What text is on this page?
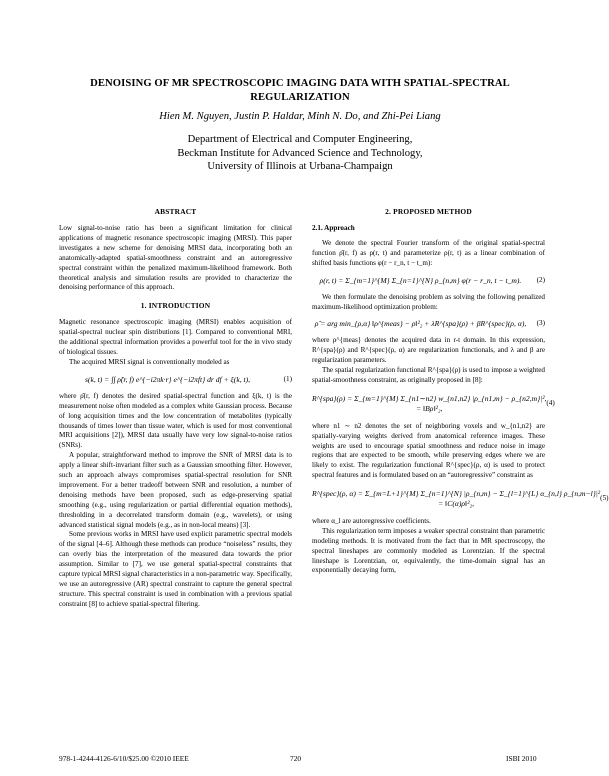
DENOISING OF MR SPECTROSCOPIC IMAGING DATA WITH SPATIAL-SPECTRAL REGULARIZATION
Hien M. Nguyen, Justin P. Haldar, Minh N. Do, and Zhi-Pei Liang
Department of Electrical and Computer Engineering,
Beckman Institute for Advanced Science and Technology,
University of Illinois at Urbana-Champaign
ABSTRACT

Low signal-to-noise ratio has been a significant limitation for clinical applications of magnetic resonance spectroscopic imaging (MRSI). This paper investigates a new scheme for denoising MRSI data, incorporating both an anatomically-adapted spatial-smoothness constraint and an autoregressive spectral constraint within the penalized maximum-likelihood framework. Both theoretical analysis and simulation results are provided to characterize the denoising performance of this approach.

1. INTRODUCTION

Magnetic resonance spectroscopic imaging (MRSI) enables acquisition of spatial-spectral nuclear spin distributions [1]. Compared to conventional MRI, the additional spectral information provides a powerful tool for the in vivo study of biological tissues.

The acquired MRSI signal is conventionally modeled as

s(k, t) = ∫∫ ρ̂(r, f) e^{−i2πk·r} e^{−i2πft} dr df + ξ(k, t),	(1)

where ρ̂(r, f) denotes the desired spatial-spectral function and ξ(k, t) is the measurement noise often modeled as a complex white Gaussian process. Because of long acquisition times and the low concentration of metabolites (typically thousands of times lower than tissue water, which is used for most conventional MRI acquisitions [2]), MRSI data usually have very low signal-to-noise ratios (SNRs).

A popular, straightforward method to improve the SNR of MRSI data is to apply a linear shift-invariant filter such as a Gaussian smoothing filter. However, such an approach always compromises spatial-spectral resolution for SNR improvement. For a better tradeoff between SNR and resolution, a number of denoising methods have been proposed, such as edge-preserving spatial smoothing (e.g., using regularization or partial differential equation methods), thresholding in a decorrelated transform domain (e.g., wavelets), or using advanced statistical signal models (e.g., as in non-local means) [3].

Some previous works in MRSI have used explicit parametric spectral models of the signal [4–6]. Although these methods can produce “noiseless” results, they can overly bias the interpretation of the measured data towards the prior assumption. Similar to [7], we use general spatial-spectral constraints that capture typical MRSI signal characteristics in a non-parametric way. Specifically, we use an autoregressive (AR) spectral constraint to capture the general spectral structure. This spectral constraint is used in combination with a previous spatial constraint [8] to achieve spatial-spectral filtering.

2. PROPOSED METHOD
2.1. Approach

We denote the spectral Fourier transform of the original spatial-spectral function ρ̂(r, f) as ρ(r, t) and parameterize ρ(r, t) as a linear combination of shifted basis functions φ(r − r_n, t − t_m):

ρ(r, t) = Σ_{m=1}^{M} Σ_{n=1}^{N} ρ_{n,m} φ(r − r_n, t − t_m).	(2)

We then formulate the denoising problem as solving the following penalized maximum-likelihood optimization problem:

ρ̂ = arg min_{ρ,α} ‖ρ^{meas} − ρ‖²₂ + λR^{spa}(ρ) + βR^{spec}(ρ, α),	(3)

where ρ^{meas} denotes the acquired data in r-t domain. In this expression, R^{spa}(ρ) and R^{spec}(ρ, α) are regularization functionals, and λ and β are regularization parameters.

The spatial regularization functional R^{spa}(ρ) is used to impose a weighted spatial-smoothness constraint, as originally proposed in [8]:

R^{spa}(ρ) = Σ_{m=1}^{M} Σ_{n1∼n2} w_{n1,n2} |ρ_{n1,m} − ρ_{n2,m}|²,
= ‖Bρ‖²₂,
(4)

where n1 ∼ n2 denotes the set of neighboring voxels and w_{n1,n2} are spatially-varying weights derived from anatomical reference images. These weights are used to encourage spatial smoothness and reduce noise in image regions that are expected to be smooth, while preserving edges where we are likely to exist. The regularization functional R^{spec}(ρ, α) is used to protect spectral features and is formulated based on an “autoregressive” constraint as

R^{spec}(ρ, α) = Σ_{m=L+1}^{M} Σ_{n=1}^{N} |ρ_{n,m} − Σ_{l=1}^{L} α_{n,l} ρ_{n,m−l}|²
= ‖C(α)ρ‖²₂,
(5)

where α_l are autoregressive coefficients.

This regularization term imposes a weaker spectral constraint than parametric modeling methods. It is motivated from the fact that in MR spectroscopy, the spectral lineshapes are commonly modeled as Lorentzian. If the spectral lineshape is Lorentzian, or, equivalently, the time-domain signal has an exponentially decaying form,

978-1-4244-4126-6/10/$25.00 ©2010 IEEE	720	ISBI 2010
